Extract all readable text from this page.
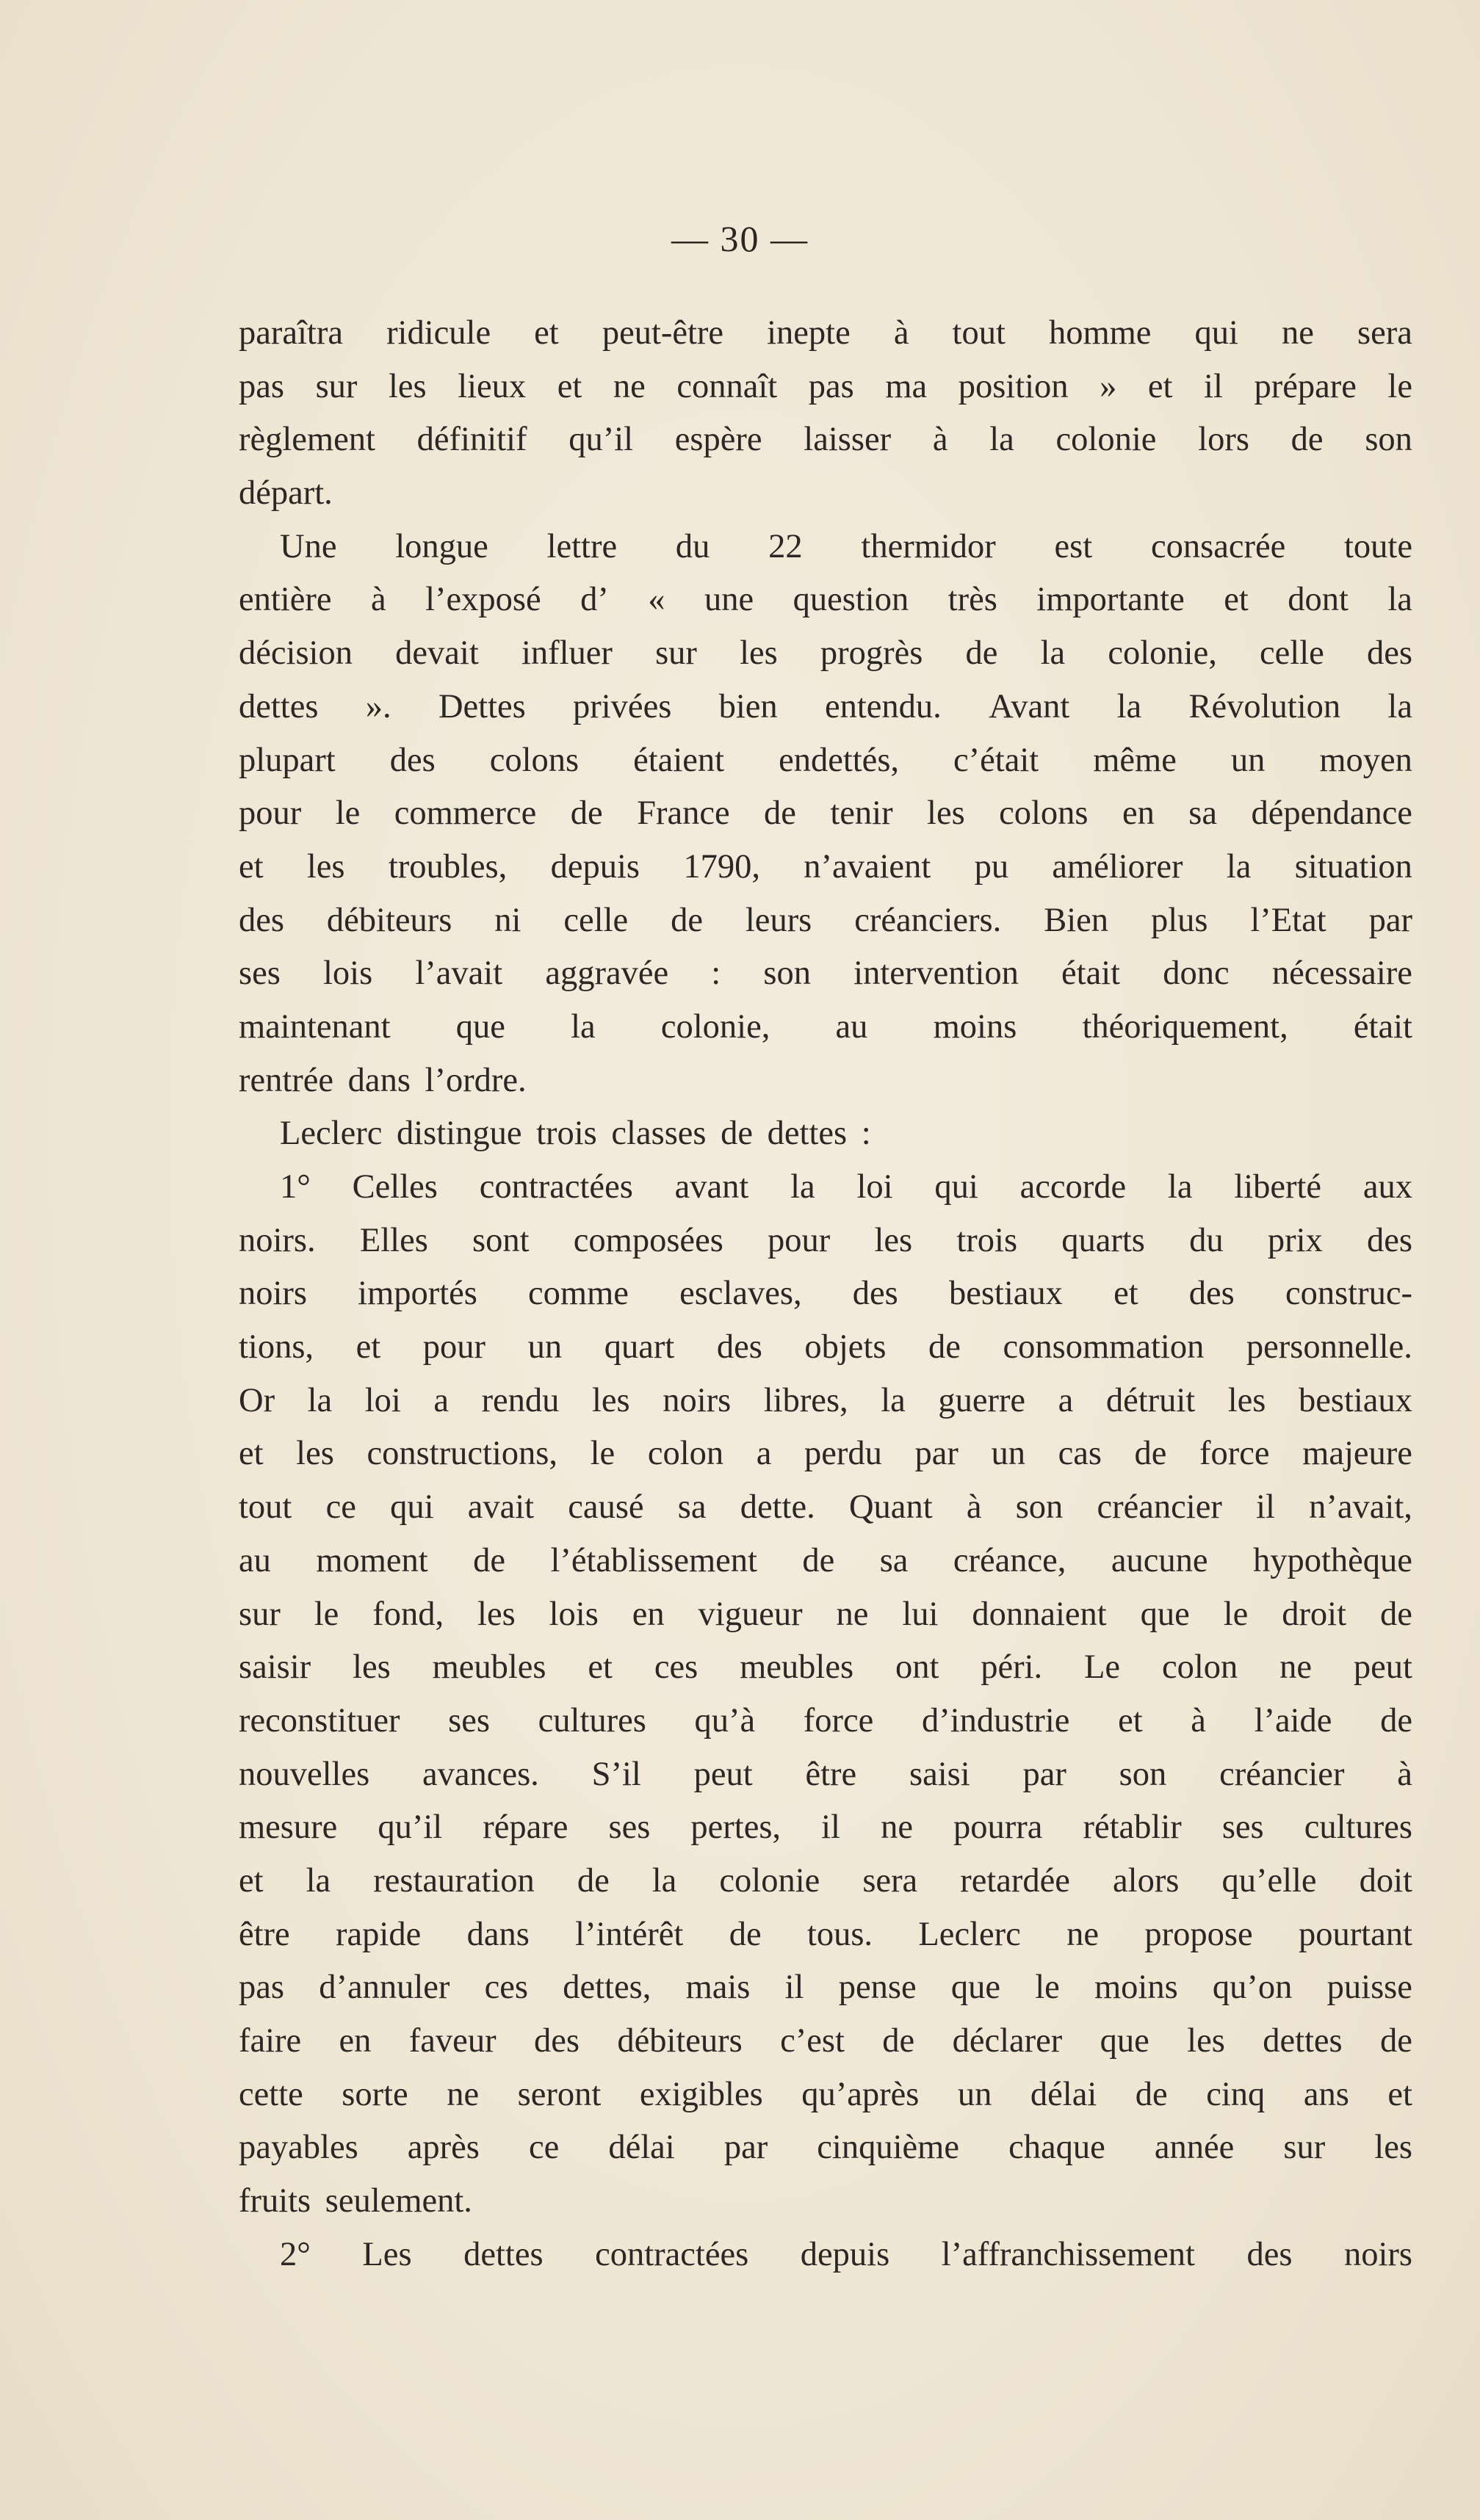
— 30 —
paraîtra ridicule et peut-être inepte à tout homme qui ne sera
pas sur les lieux et ne connaît pas ma position » et il prépare le
règlement définitif qu’il espère laisser à la colonie lors de son
départ.
Une longue lettre du 22 thermidor est consacrée toute
entière à l’exposé d’ « une question très importante et dont la
décision devait influer sur les progrès de la colonie, celle des
dettes ». Dettes privées bien entendu. Avant la Révolution la
plupart des colons étaient endettés, c’était même un moyen
pour le commerce de France de tenir les colons en sa dépendance
et les troubles, depuis 1790, n’avaient pu améliorer la situation
des débiteurs ni celle de leurs créanciers. Bien plus l’Etat par
ses lois l’avait aggravée : son intervention était donc nécessaire
maintenant que la colonie, au moins théoriquement, était
rentrée dans l’ordre.
Leclerc distingue trois classes de dettes :
1° Celles contractées avant la loi qui accorde la liberté aux
noirs. Elles sont composées pour les trois quarts du prix des
noirs importés comme esclaves, des bestiaux et des construc-
tions, et pour un quart des objets de consommation personnelle.
Or la loi a rendu les noirs libres, la guerre a détruit les bestiaux
et les constructions, le colon a perdu par un cas de force majeure
tout ce qui avait causé sa dette. Quant à son créancier il n’avait,
au moment de l’établissement de sa créance, aucune hypothèque
sur le fond, les lois en vigueur ne lui donnaient que le droit de
saisir les meubles et ces meubles ont péri. Le colon ne peut
reconstituer ses cultures qu’à force d’industrie et à l’aide de
nouvelles avances. S’il peut être saisi par son créancier à
mesure qu’il répare ses pertes, il ne pourra rétablir ses cultures
et la restauration de la colonie sera retardée alors qu’elle doit
être rapide dans l’intérêt de tous. Leclerc ne propose pourtant
pas d’annuler ces dettes, mais il pense que le moins qu’on puisse
faire en faveur des débiteurs c’est de déclarer que les dettes de
cette sorte ne seront exigibles qu’après un délai de cinq ans et
payables après ce délai par cinquième chaque année sur les
fruits seulement.
2° Les dettes contractées depuis l’affranchissement des noirs
